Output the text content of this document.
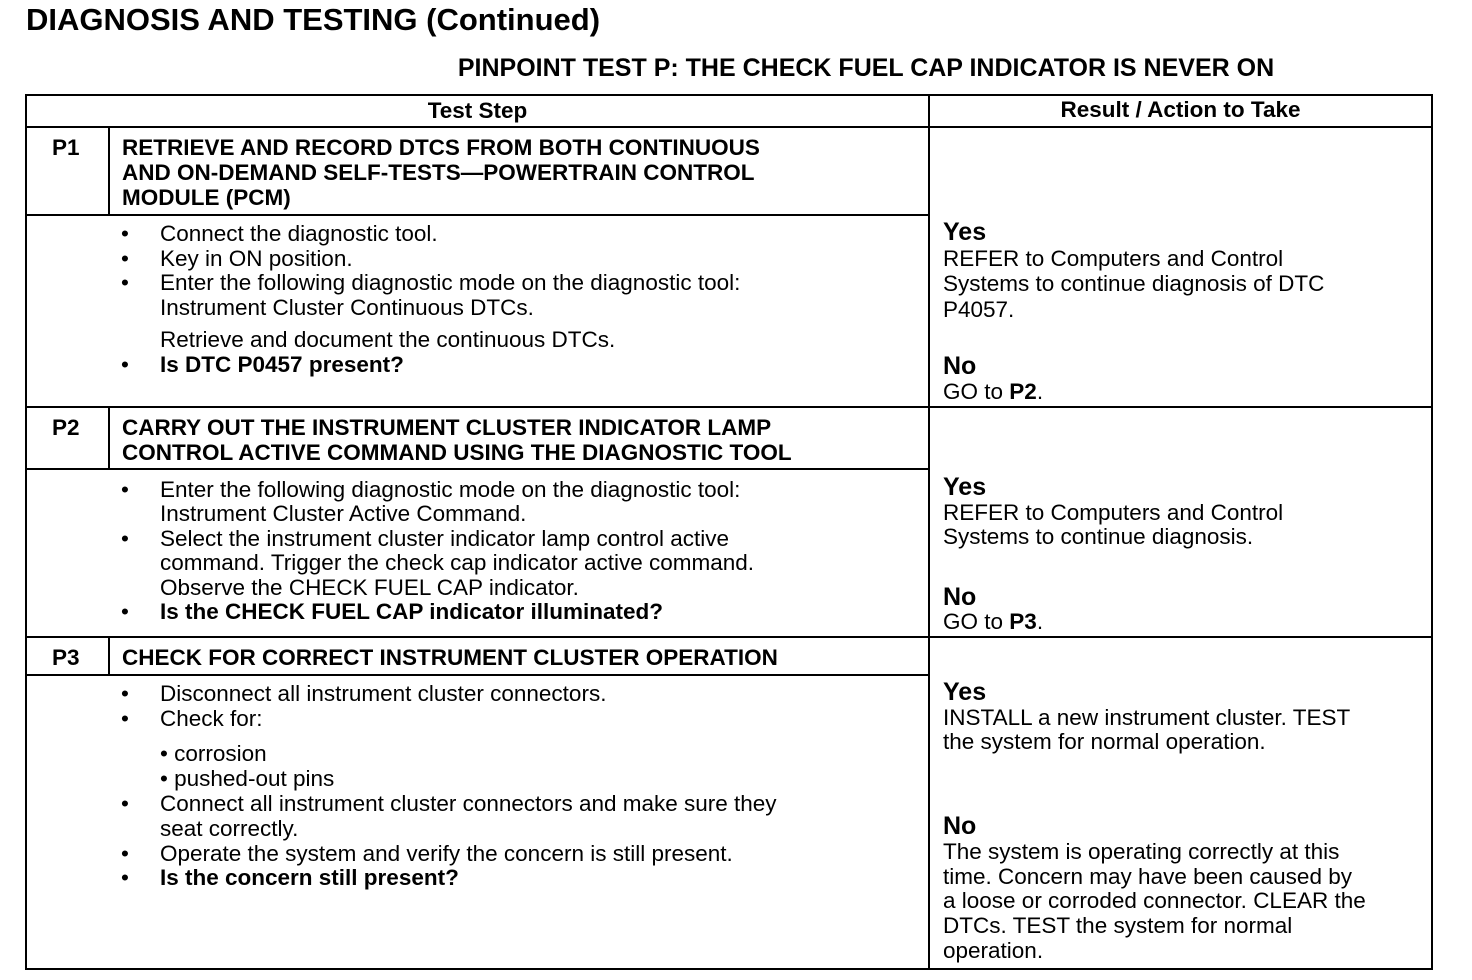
DIAGNOSIS AND TESTING (Continued)
PINPOINT TEST P: THE CHECK FUEL CAP INDICATOR IS NEVER ON
Test Step	Result / Action to Take
P1 RETRIEVE AND RECORD DTCS FROM BOTH CONTINUOUS
AND ON-DEMAND SELF-TESTS—POWERTRAIN CONTROL
MODULE (PCM)
• Connect the diagnostic tool.
• Key in ON position.
• Enter the following diagnostic mode on the diagnostic tool:
Instrument Cluster Continuous DTCs.
Retrieve and document the continuous DTCs.
• Is DTC P0457 present?
Yes
REFER to Computers and Control
Systems to continue diagnosis of DTC
P4057.
No
GO to P2.
P2 CARRY OUT THE INSTRUMENT CLUSTER INDICATOR LAMP
CONTROL ACTIVE COMMAND USING THE DIAGNOSTIC TOOL
• Enter the following diagnostic mode on the diagnostic tool:
Instrument Cluster Active Command.
• Select the instrument cluster indicator lamp control active
command. Trigger the check cap indicator active command.
Observe the CHECK FUEL CAP indicator.
• Is the CHECK FUEL CAP indicator illuminated?
Yes
REFER to Computers and Control
Systems to continue diagnosis.
No
GO to P3.
P3 CHECK FOR CORRECT INSTRUMENT CLUSTER OPERATION
• Disconnect all instrument cluster connectors.
• Check for:
• corrosion
• pushed-out pins
• Connect all instrument cluster connectors and make sure they
seat correctly.
• Operate the system and verify the concern is still present.
• Is the concern still present?
Yes
INSTALL a new instrument cluster. TEST
the system for normal operation.
No
The system is operating correctly at this
time. Concern may have been caused by
a loose or corroded connector. CLEAR the
DTCs. TEST the system for normal
operation.
